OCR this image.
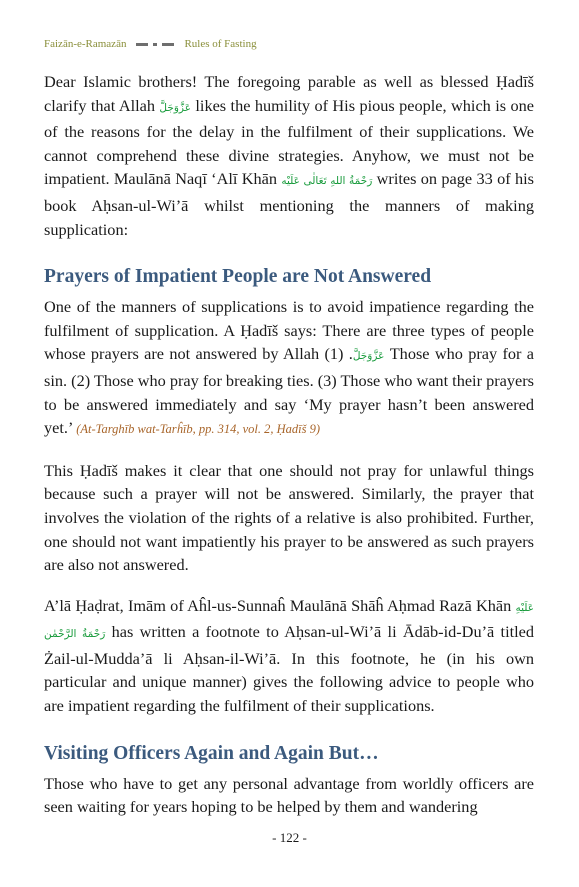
Faizān-e-Ramazān	Rules of Fasting

Dear Islamic brothers! The foregoing parable as well as blessed Ḥadīš clarify that Allah عَزَّوَجَلَّ likes the humility of His pious people, which is one of the reasons for the delay in the fulfilment of their supplications. We cannot comprehend these divine strategies. Anyhow, we must not be impatient. Maulānā Naqī ‘Alī Khān رَحْمَةُ اللهِ تَعَالٰى عَلَيْه writes on page 33 of his book Aḥsan-ul-Wi’ā whilst mentioning the manners of making supplication:

Prayers of Impatient People are Not Answered

One of the manners of supplications is to avoid impatience regarding the fulfilment of supplication. A Ḥadīš says: There are three types of people whose prayers are not answered by Allah	عَزَّوَجَلَّ. (1) Those who pray for a sin. (2) Those who pray for breaking ties. (3) Those who want their prayers to be answered immediately and say ‘My prayer hasn’t been answered yet.’ (At-Targhīb wat-Tarĥīb, pp. 314, vol. 2, Ḥadīš 9)

This Ḥadīš makes it clear that one should not pray for unlawful things because such a prayer will not be answered. Similarly, the prayer that involves the violation of the rights of a relative is also prohibited. Further, one should not want impatiently his prayer to be answered as such prayers are also not answered.

A’lā Ḥaḍrat, Imām of Aĥl-us-Sunnaĥ Maulānā Shāĥ Aḥmad Razā Khān عَلَيْهِ رَحْمَةُ الرَّحْمٰن has written a footnote to Aḥsan-ul-Wi’ā li Ādāb-id-Du’ā titled Żail-ul-Mudda’ā li Aḥsan-il-Wi’ā. In this footnote, he (in his own particular and unique manner) gives the following advice to people who are impatient regarding the fulfilment of their supplications.

Visiting Officers Again and Again But…

Those who have to get any personal advantage from worldly officers are seen waiting for years hoping to be helped by them and wandering

- 122 -
